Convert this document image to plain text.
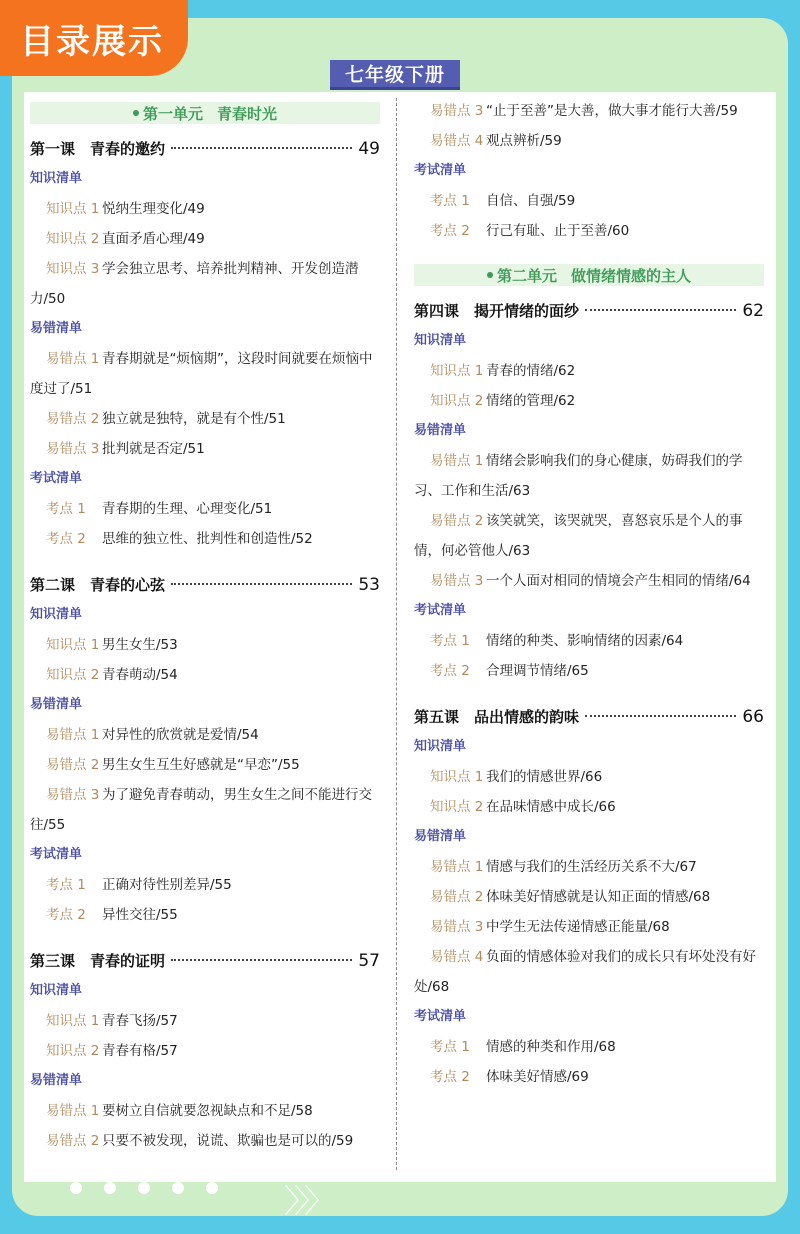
目录展示
七年级下册
第一单元 青春时光
第一课　青春的邀约	49
知识清单
知识点 1 悦纳生理变化/49
知识点 2 直面矛盾心理/49
知识点 3 学会独立思考、培养批判精神、开发创造潜力/50
易错清单
易错点 1 青春期就是“烦恼期”，这段时间就要在烦恼中度过了/51
易错点 2 独立就是独特，就是有个性/51
易错点 3 批判就是否定/51
考试清单
考点 1	青春期的生理、心理变化/51
考点 2	思维的独立性、批判性和创造性/52
第二课　青春的心弦	53
知识清单
知识点 1 男生女生/53
知识点 2 青春萌动/54
易错清单
易错点 1 对异性的欣赏就是爱情/54
易错点 2 男生女生互生好感就是“早恋”/55
易错点 3 为了避免青春萌动，男生女生之间不能进行交往/55
考试清单
考点 1	正确对待性别差异/55
考点 2	异性交往/55
第三课　青春的证明	57
知识清单
知识点 1 青春飞扬/57
知识点 2 青春有格/57
易错清单
易错点 1 要树立自信就要忽视缺点和不足/58
易错点 2 只要不被发现，说谎、欺骗也是可以的/59
易错点 3 “止于至善”是大善，做大事才能行大善/59
易错点 4 观点辨析/59
考试清单
考点 1	自信、自强/59
考点 2	行己有耻、止于至善/60
第二单元 做情绪情感的主人
第四课　揭开情绪的面纱	62
知识清单
知识点 1 青春的情绪/62
知识点 2 情绪的管理/62
易错清单
易错点 1 情绪会影响我们的身心健康，妨碍我们的学习、工作和生活/63
易错点 2 该笑就笑，该哭就哭，喜怒哀乐是个人的事情，何必管他人/63
易错点 3 一个人面对相同的情境会产生相同的情绪/64
考试清单
考点 1	情绪的种类、影响情绪的因素/64
考点 2	合理调节情绪/65
第五课　品出情感的韵味	66
知识清单
知识点 1 我们的情感世界/66
知识点 2 在品味情感中成长/66
易错清单
易错点 1 情感与我们的生活经历关系不大/67
易错点 2 体味美好情感就是认知正面的情感/68
易错点 3 中学生无法传递情感正能量/68
易错点 4 负面的情感体验对我们的成长只有坏处没有好处/68
考试清单
考点 1	情感的种类和作用/68
考点 2	体味美好情感/69
〉〉〉
